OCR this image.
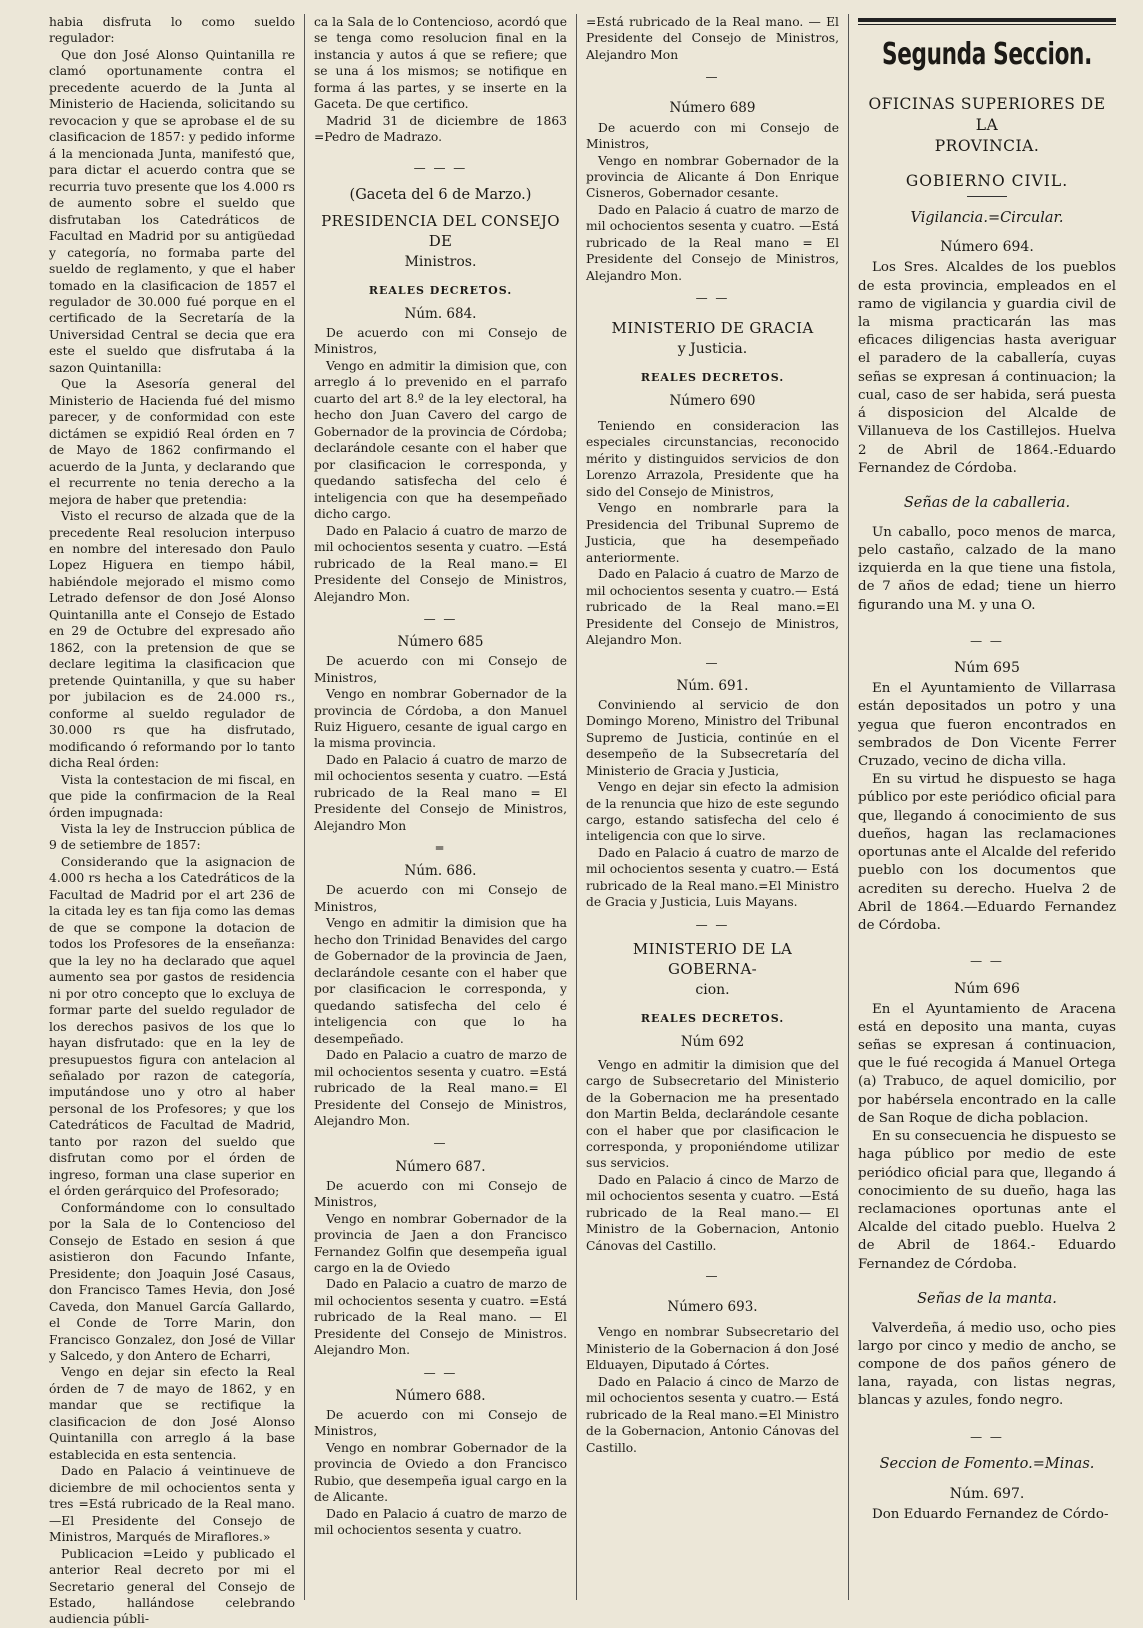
habia disfruta lo como sueldo regulador:

Que don José Alonso Quintanilla re clamó oportunamente contra el precedente acuerdo de la Junta al Ministerio de Hacienda, solicitando su revocacion y que se aprobase el de su clasificacion de 1857: y pedido informe á la mencionada Junta, manifestó que, para dictar el acuerdo contra que se recurria tuvo presente que los 4.000 rs de aumento sobre el sueldo que disfrutaban los Catedráticos de Facultad en Madrid por su antigüedad y categoría, no formaba parte del sueldo de reglamento, y que el haber tomado en la clasificacion de 1857 el regulador de 30.000 fué porque en el certificado de la Secretaría de la Universidad Central se decia que era este el sueldo que disfrutaba á la sazon Quintanilla:

Que la Asesoría general del Ministerio de Hacienda fué del mismo parecer, y de conformidad con este dictámen se expidió Real órden en 7 de Mayo de 1862 confirmando el acuerdo de la Junta, y declarando que el recurrente no tenia derecho a la mejora de haber que pretendia:

Visto el recurso de alzada que de la precedente Real resolucion interpuso en nombre del interesado don Paulo Lopez Higuera en tiempo hábil, habiéndole mejorado el mismo como Letrado defensor de don José Alonso Quintanilla ante el Consejo de Estado en 29 de Octubre del expresado año 1862, con la pretension de que se declare legitima la clasificacion que pretende Quintanilla, y que su haber por jubilacion es de 24.000 rs., conforme al sueldo regulador de 30.000 rs que ha disfrutado, modificando ó reformando por lo tanto dicha Real órden:

Vista la contestacion de mi fiscal, en que pide la confirmacion de la Real órden impugnada:

Vista la ley de Instruccion pública de 9 de setiembre de 1857:

Considerando que la asignacion de 4.000 rs hecha a los Catedráticos de la Facultad de Madrid por el art 236 de la citada ley es tan fija como las demas de que se compone la dotacion de todos los Profesores de la enseñanza: que la ley no ha declarado que aquel aumento sea por gastos de residencia ni por otro concepto que lo excluya de formar parte del sueldo regulador de los derechos pasivos de los que lo hayan disfrutado: que en la ley de presupuestos figura con antelacion al señalado por razon de categoría, imputándose uno y otro al haber personal de los Profesores; y que los Catedráticos de Facultad de Madrid, tanto por razon del sueldo que disfrutan como por el órden de ingreso, forman una clase superior en el órden gerárquico del Profesorado;

Conformándome con lo consultado por la Sala de lo Contencioso del Consejo de Estado en sesion á que asistieron don Facundo Infante, Presidente; don Joaquin José Casaus, don Francisco Tames Hevia, don José Caveda, don Manuel García Gallardo, el Conde de Torre Marin, don Francisco Gonzalez, don José de Villar y Salcedo, y don Antero de Echarri,

Vengo en dejar sin efecto la Real órden de 7 de mayo de 1862, y en mandar que se rectifique la clasificacion de don José Alonso Quintanilla con arreglo á la base establecida en esta sentencia.

Dado en Palacio á veintinueve de diciembre de mil ochocientos senta y tres =Está rubricado de la Real mano.—El Presidente del Consejo de Ministros, Marqués de Miraflores.»

Publicacion =Leido y publicado el anterior Real decreto por mi el Secretario general del Consejo de Estado, hallándose celebrando audiencia públi-

ca la Sala de lo Contencioso, acordó que se tenga como resolucion final en la instancia y autos á que se refiere; que se una á los mismos; se notifique en forma á las partes, y se inserte en la Gaceta. De que certifico.

Madrid 31 de diciembre de 1863 =Pedro de Madrazo.

— — —
(Gaceta del 6 de Marzo.)
PRESIDENCIA DEL CONSEJO DE
Ministros.
REALES DECRETOS.
Núm. 684.

De acuerdo con mi Consejo de Ministros,

Vengo en admitir la dimision que, con arreglo á lo prevenido en el parrafo cuarto del art 8.º de la ley electoral, ha hecho don Juan Cavero del cargo de Gobernador de la provincia de Córdoba; declarándole cesante con el haber que por clasificacion le corresponda, y quedando satisfecha del celo é inteligencia con que ha desempeñado dicho cargo.

Dado en Palacio á cuatro de marzo de mil ochocientos sesenta y cuatro. —Está rubricado de la Real mano.= El Presidente del Consejo de Ministros, Alejandro Mon.

— —
Número 685

De acuerdo con mi Consejo de Ministros,

Vengo en nombrar Gobernador de la provincia de Córdoba, a don Manuel Ruiz Higuero, cesante de igual cargo en la misma provincia.

Dado en Palacio á cuatro de marzo de mil ochocientos sesenta y cuatro. —Está rubricado de la Real mano = El Presidente del Consejo de Ministros, Alejandro Mon

═
Núm. 686.

De acuerdo con mi Consejo de Ministros,

Vengo en admitir la dimision que ha hecho don Trinidad Benavides del cargo de Gobernador de la provincia de Jaen, declarándole cesante con el haber que por clasificacion le corresponda, y quedando satisfecha del celo é inteligencia con que lo ha desempeñado.

Dado en Palacio a cuatro de marzo de mil ochocientos sesenta y cuatro. =Está rubricado de la Real mano.= El Presidente del Consejo de Ministros, Alejandro Mon.

—
Número 687.

De acuerdo con mi Consejo de Ministros,

Vengo en nombrar Gobernador de la provincia de Jaen a don Francisco Fernandez Golfin que desempeña igual cargo en la de Oviedo

Dado en Palacio a cuatro de marzo de mil ochocientos sesenta y cuatro. =Está rubricado de la Real mano. — El Presidente del Consejo de Ministros. Alejandro Mon.

— —
Número 688.

De acuerdo con mi Consejo de Ministros,

Vengo en nombrar Gobernador de la provincia de Oviedo a don Francisco Rubio, que desempeña igual cargo en la de Alicante.

Dado en Palacio á cuatro de marzo de mil ochocientos sesenta y cuatro.

=Está rubricado de la Real mano. — El Presidente del Consejo de Ministros, Alejandro Mon

—
Número 689

De acuerdo con mi Consejo de Ministros,

Vengo en nombrar Gobernador de la provincia de Alicante á Don Enrique Cisneros, Gobernador cesante.

Dado en Palacio á cuatro de marzo de mil ochocientos sesenta y cuatro. —Está rubricado de la Real mano = El Presidente del Consejo de Ministros, Alejandro Mon.

— —
MINISTERIO DE GRACIA
y Justicia.
REALES DECRETOS.
Número 690

Teniendo en consideracion las especiales circunstancias, reconocido mérito y distinguidos servicios de don Lorenzo Arrazola, Presidente que ha sido del Consejo de Ministros,

Vengo en nombrarle para la Presidencia del Tribunal Supremo de Justicia, que ha desempeñado anteriormente.

Dado en Palacio á cuatro de Marzo de mil ochocientos sesenta y cuatro.— Está rubricado de la Real mano.=El Presidente del Consejo de Ministros, Alejandro Mon.

—
Núm. 691.

Conviniendo al servicio de don Domingo Moreno, Ministro del Tribunal Supremo de Justicia, continúe en el desempeño de la Subsecretaría del Ministerio de Gracia y Justicia,

Vengo en dejar sin efecto la admision de la renuncia que hizo de este segundo cargo, estando satisfecha del celo é inteligencia con que lo sirve.

Dado en Palacio á cuatro de marzo de mil ochocientos sesenta y cuatro.— Está rubricado de la Real mano.=El Ministro de Gracia y Justicia, Luis Mayans.

— —
MINISTERIO DE LA GOBERNA-
cion.
REALES DECRETOS.
Núm 692

Vengo en admitir la dimision que del cargo de Subsecretario del Ministerio de la Gobernacion me ha presentado don Martin Belda, declarándole cesante con el haber que por clasificacion le corresponda, y proponiéndome utilizar sus servicios.

Dado en Palacio á cinco de Marzo de mil ochocientos sesenta y cuatro. —Está rubricado de la Real mano.— El Ministro de la Gobernacion, Antonio Cánovas del Castillo.

—
Número 693.

Vengo en nombrar Subsecretario del Ministerio de la Gobernacion á don José Elduayen, Diputado á Córtes.

Dado en Palacio á cinco de Marzo de mil ochocientos sesenta y cuatro.— Está rubricado de la Real mano.=El Ministro de la Gobernacion, Antonio Cánovas del Castillo.

Segunda Seccion.
OFICINAS SUPERIORES DE LA
PROVINCIA.
GOBIERNO CIVIL.
Vigilancia.=Circular.
Número 694.

Los Sres. Alcaldes de los pueblos de esta provincia, empleados en el ramo de vigilancia y guardia civil de la misma practicarán las mas eficaces diligencias hasta averiguar el paradero de la caballería, cuyas señas se expresan á continuacion; la cual, caso de ser habida, será puesta á disposicion del Alcalde de Villanueva de los Castillejos. Huelva 2 de Abril de 1864.-Eduardo Fernandez de Córdoba.

Señas de la caballeria.

Un caballo, poco menos de marca, pelo castaño, calzado de la mano izquierda en la que tiene una fistola, de 7 años de edad; tiene un hierro figurando una M. y una O.

— —
Núm 695

En el Ayuntamiento de Villarrasa están depositados un potro y una yegua que fueron encontrados en sembrados de Don Vicente Ferrer Cruzado, vecino de dicha villa.

En su virtud he dispuesto se haga público por este periódico oficial para que, llegando á conocimiento de sus dueños, hagan las reclamaciones oportunas ante el Alcalde del referido pueblo con los documentos que acrediten su derecho. Huelva 2 de Abril de 1864.—Eduardo Fernandez de Córdoba.

— —
Núm 696

En el Ayuntamiento de Aracena está en deposito una manta, cuyas señas se expresan á continuacion, que le fué recogida á Manuel Ortega (a) Trabuco, de aquel domicilio, por por habérsela encontrado en la calle de San Roque de dicha poblacion.

En su consecuencia he dispuesto se haga público por medio de este periódico oficial para que, llegando á conocimiento de su dueño, haga las reclamaciones oportunas ante el Alcalde del citado pueblo. Huelva 2 de Abril de 1864.- Eduardo Fernandez de Córdoba.

Señas de la manta.

Valverdeña, á medio uso, ocho pies largo por cinco y medio de ancho, se compone de dos paños género de lana, rayada, con listas negras, blancas y azules, fondo negro.

— —
Seccion de Fomento.=Minas.
Núm. 697.

Don Eduardo Fernandez de Córdo-
